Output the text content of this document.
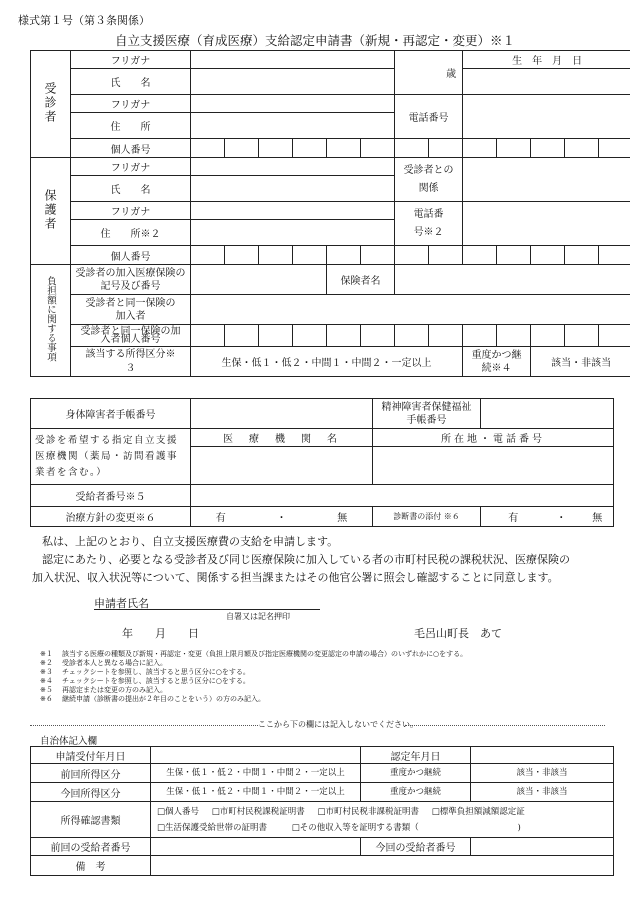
様式第１号（第３条関係）
自立支援医療（育成医療）支給認定申請書（新規・再認定・変更）※１
受診者	フリガナ							歳		生　年　月　日				
	氏　　名													
	フリガナ							電話番号						
	住　　所													
	個人番号													
保護者	フリガナ							受診者との関係						
	氏　　名													
	フリガナ							電話番号※２						
	住　　所※２													
	個人番号													
負担額に関する事項	受診者の加入医療保険の記号及び番号					保険者名								
	受診者と同一保険の加入者													
	受診者と同一保険の加入者個人番号													
	該当する所得区分※３	生保・低１・低２・中間１・中間２・一定以上								重度かつ継続※４		該当・非該当		
身体障害者手帳番号				精神障害者保健福祉手帳番号		
受診を希望する指定自立支援医療機関（薬局・訪問看護事業者を含む。）	医　療　機　関　名			所在地・電話番号		

受給者番号※５						
治療方針の変更※６	有	・	無	診断書の添付 ※６	有	・ 無
私は、上記のとおり、自立支援医療費の支給を申請します。
認定にあたり、必要となる受診者及び同じ医療保険に加入している者の市町村民税の課税状況、医療保険の
加入状況、収入状況等について、関係する担当課またはその他官公署に照会し確認することに同意します。
申請者氏名
自署又は記名押印
年　　月　　日	毛呂山町長　あて
※１ 該当する医療の種類及び新規・再認定・変更（負担上限月額及び指定医療機関の変更認定の申請の場合）のいずれかに○をする。
※２ 受診者本人と異なる場合に記入。
※３ チェックシートを参照し、該当すると思う区分に○をする。
※４ チェックシートを参照し、該当すると思う区分に○をする。
※５ 再認定または変更の方のみ記入。
※６ 継続申請（診断書の提出が２年目のことをいう）の方のみ記入。
ここから下の欄には記入しないでください。
自治体記入欄
申請受付年月日		認定年月日	
前回所得区分	生保・低１・低２・中間１・中間２・一定以上	重度かつ継続	該当・非該当
今回所得区分	生保・低１・低２・中間１・中間２・一定以上	重度かつ継続	該当・非該当
所得確認書類	□個人番号 □市町村民税課税証明書 □市町村民税非課税証明書 □標準負担額減額認定証
□生活保護受給世帯の証明書 □その他収入等を証明する書類（ )		

前回の受給者番号		今回の受給者番号	
備　考			
